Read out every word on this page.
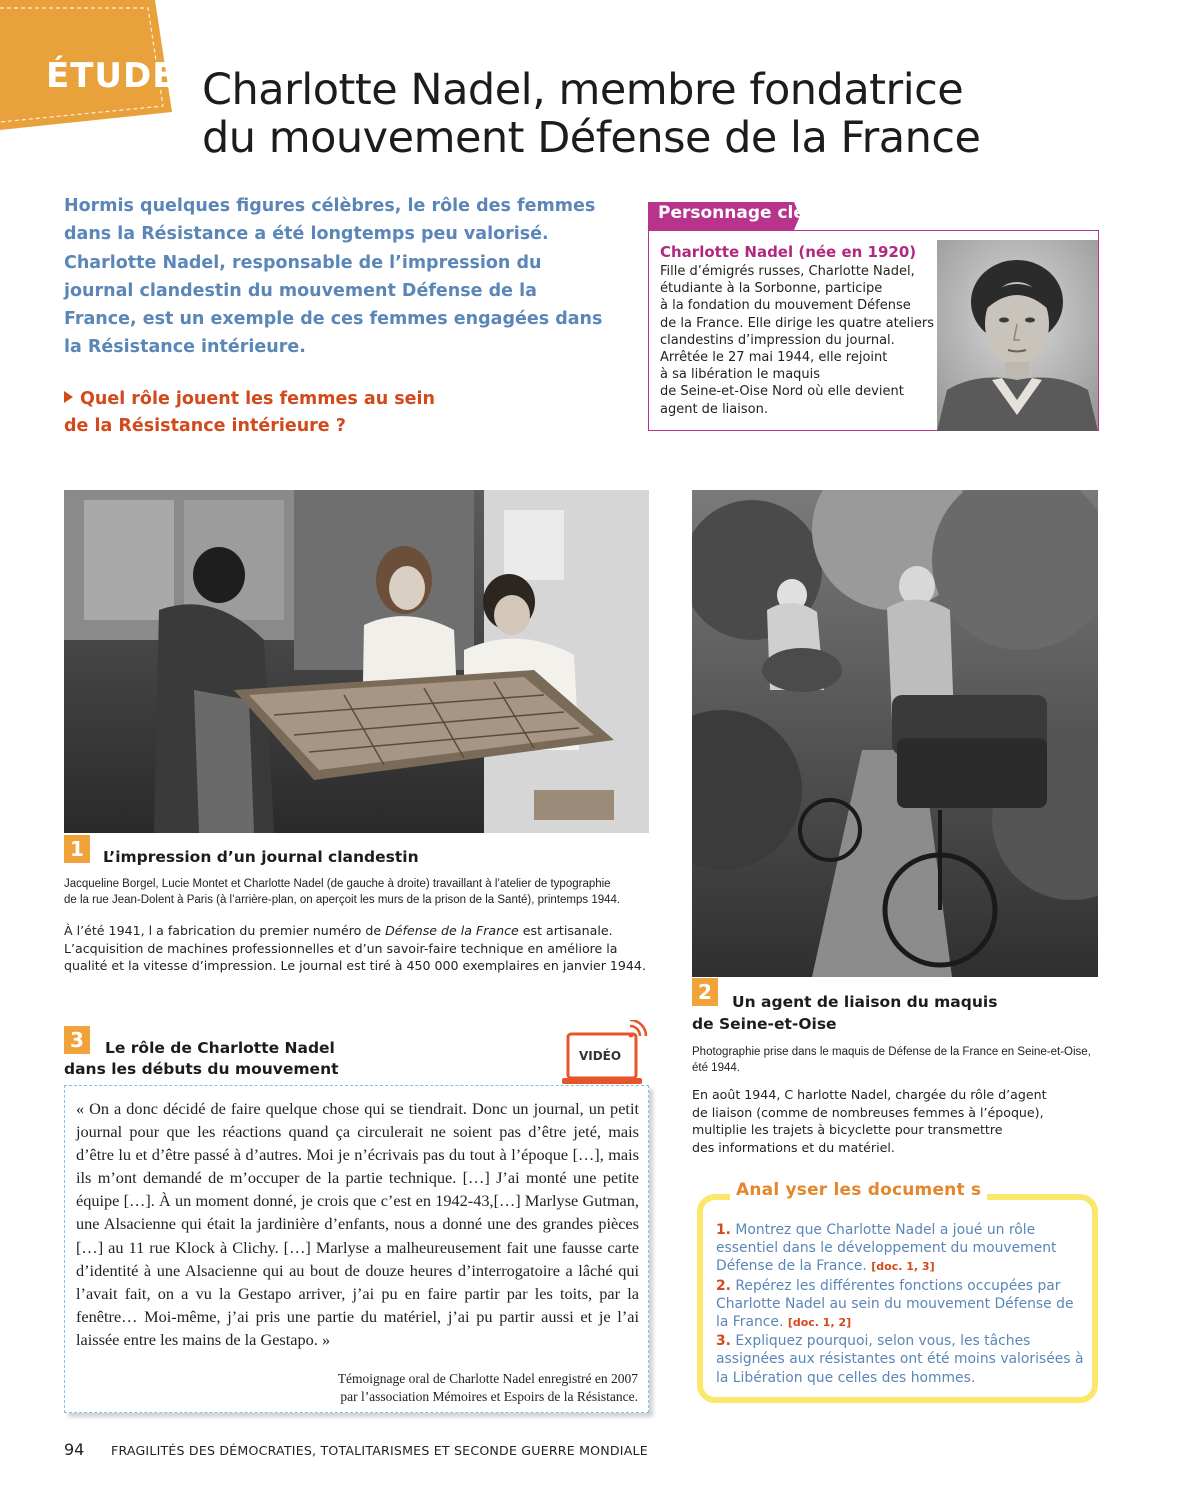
ÉTUDE Charlotte Nadel, membre fondatrice
du mouvement Défense de la France
Hormis quelques figures célèbres, le rôle des femmes dans la Résistance a été longtemps peu valorisé. Charlotte Nadel, responsable de l’impression du journal clandestin du mouvement Défense de la France, est un exemple de ces femmes engagées dans la Résistance intérieure.
Quel rôle jouent les femmes au sein
de la Résistance intérieure ?
Personnage clé
Charlotte Nadel (née en 1920)
Fille d’émigrés russes, Charlotte Nadel,
étudiante à la Sorbonne, participe
à la fondation du mouvement Défense
de la France. Elle dirige les quatre ateliers
clandestins d’impression du journal.
Arrêtée le 27 mai 1944, elle rejoint
à sa libération le maquis
de Seine-et-Oise Nord où elle devient
agent de liaison.
1	L’impression d’un journal clandestin
Jacqueline Borgel, Lucie Montet et Charlotte Nadel (de gauche à droite) travaillant à l’atelier de typographie
de la rue Jean-Dolent à Paris (à l’arrière-plan, on aperçoit les murs de la prison de la Santé), printemps 1944.
À l’été 1941, l a fabrication du premier numéro de Défense de la France est artisanale. L’acquisition de machines professionnelles et d’un savoir-faire technique en améliore la qualité et la vitesse d’impression. Le journal est tiré à 450 000 exemplaires en janvier 1944.
2	Un agent de liaison du maquis
de Seine-et-Oise
Photographie prise dans le maquis de Défense de la France en Seine-et-Oise,
été 1944.
En août 1944, C harlotte Nadel, chargée du rôle d’agent
de liaison (comme de nombreuses femmes à l’époque),
multiplie les trajets à bicyclette pour transmettre
des informations et du matériel.
3	Le rôle de Charlotte Nadel
dans les débuts du mouvement
VIDÉO
« On a donc décidé de faire quelque chose qui se tiendrait. Donc un journal, un petit journal pour que les réactions quand ça circulerait ne soient pas d’être jeté, mais d’être lu et d’être passé à d’autres. Moi je n’écrivais pas du tout à l’époque […], mais ils m’ont demandé de m’occuper de la partie technique. […] J’ai monté une petite équipe […]. À un moment donné, je crois que c’est en 1942-43,[…] Marlyse Gutman, une Alsacienne qui était la jardinière d’enfants, nous a donné une des grandes pièces […] au 11 rue Klock à Clichy. […] Marlyse a malheureusement fait une fausse carte d’identité à une Alsacienne qui au bout de douze heures d’interrogatoire a lâché qui l’avait fait, on a vu la Gestapo arriver, j’ai pu en faire partir par les toits, par la fenêtre… Moi-même, j’ai pris une partie du matériel, j’ai pu partir aussi et je l’ai laissée entre les mains de la Gestapo. »
Témoignage oral de Charlotte Nadel enregistré en 2007
par l’association Mémoires et Espoirs de la Résistance.
Anal yser les document s
1. Montrez que Charlotte Nadel a joué un rôle essentiel dans le développement du mouvement Défense de la France. [doc. 1, 3]
2. Repérez les différentes fonctions occupées par Charlotte Nadel au sein du mouvement Défense de la France. [doc. 1, 2]
3. Expliquez pourquoi, selon vous, les tâches assignées aux résistantes ont été moins valorisées à la Libération que celles des hommes.
94 FRAGILITÉS DES DÉMOCRATIES, TOTALITARISMES ET SECONDE GUERRE MONDIALE
